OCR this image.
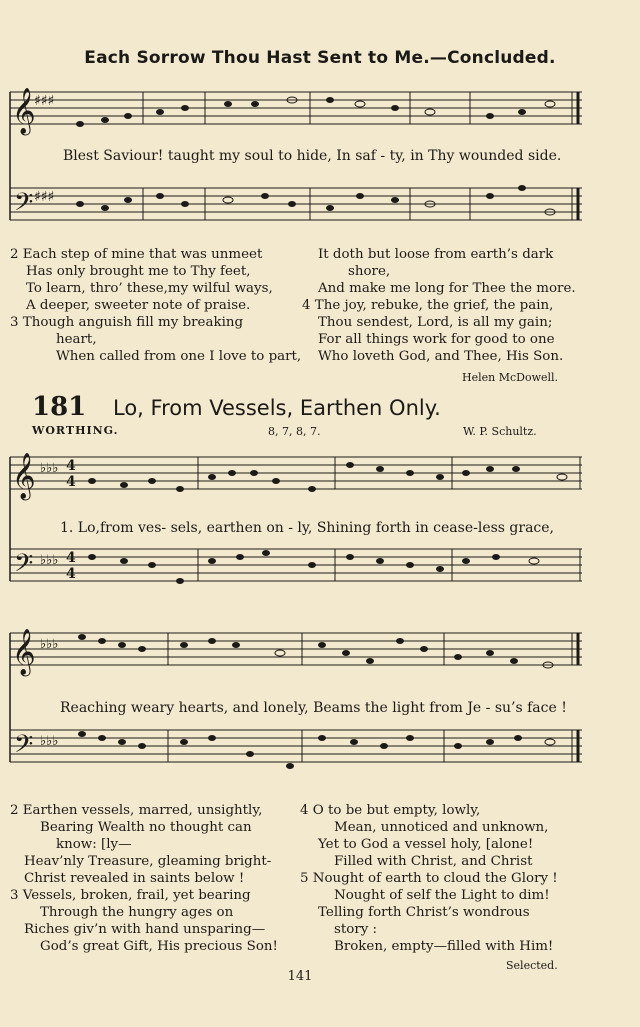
Each Sorrow Thou Hast Sent to Me.—Concluded.
𝄞
𝄢
♯♯♯
♯♯♯
Blest Saviour! taught my soul to hide, In saf - ty, in Thy wounded side.
2 Each step of mine that was unmeet
Has only brought me to Thy feet,
To learn, thro’ these,my wilful ways,
A deeper, sweeter note of praise.
3 Though anguish fill my breaking
heart,
When called from one I love to part,
It doth but loose from earth’s dark
shore,
And make me long for Thee the more.
4 The joy, rebuke, the grief, the pain,
Thou sendest, Lord, is all my gain;
For all things work for good to one
Who loveth God, and Thee, His Son.
Helen McDowell.
181 Lo, From Vessels, Earthen Only.
WORTHING.	8, 7, 8, 7.	W. P. Schultz.
𝄞
𝄢
♭♭♭
♭♭♭
4
4
4
4
1. Lo,from ves- sels, earthen on - ly, Shining forth in cease-less grace,
𝄞
𝄢
♭♭♭
♭♭♭
Reaching weary hearts, and lonely, Beams the light from Je - su’s face !
2 Earthen vessels, marred, unsightly,
Bearing Wealth no thought can
know: [ly—
Heav’nly Treasure, gleaming bright-
Christ revealed in saints below !
3 Vessels, broken, frail, yet bearing
Through the hungry ages on
Riches giv’n with hand unsparing—
God’s great Gift, His precious Son!
4 O to be but empty, lowly,
Mean, unnoticed and unknown,
Yet to God a vessel holy, [alone!
Filled with Christ, and Christ
5 Nought of earth to cloud the Glory !
Nought of self the Light to dim!
Telling forth Christ’s wondrous
story :
Broken, empty—filled with Him!
Selected.
141
